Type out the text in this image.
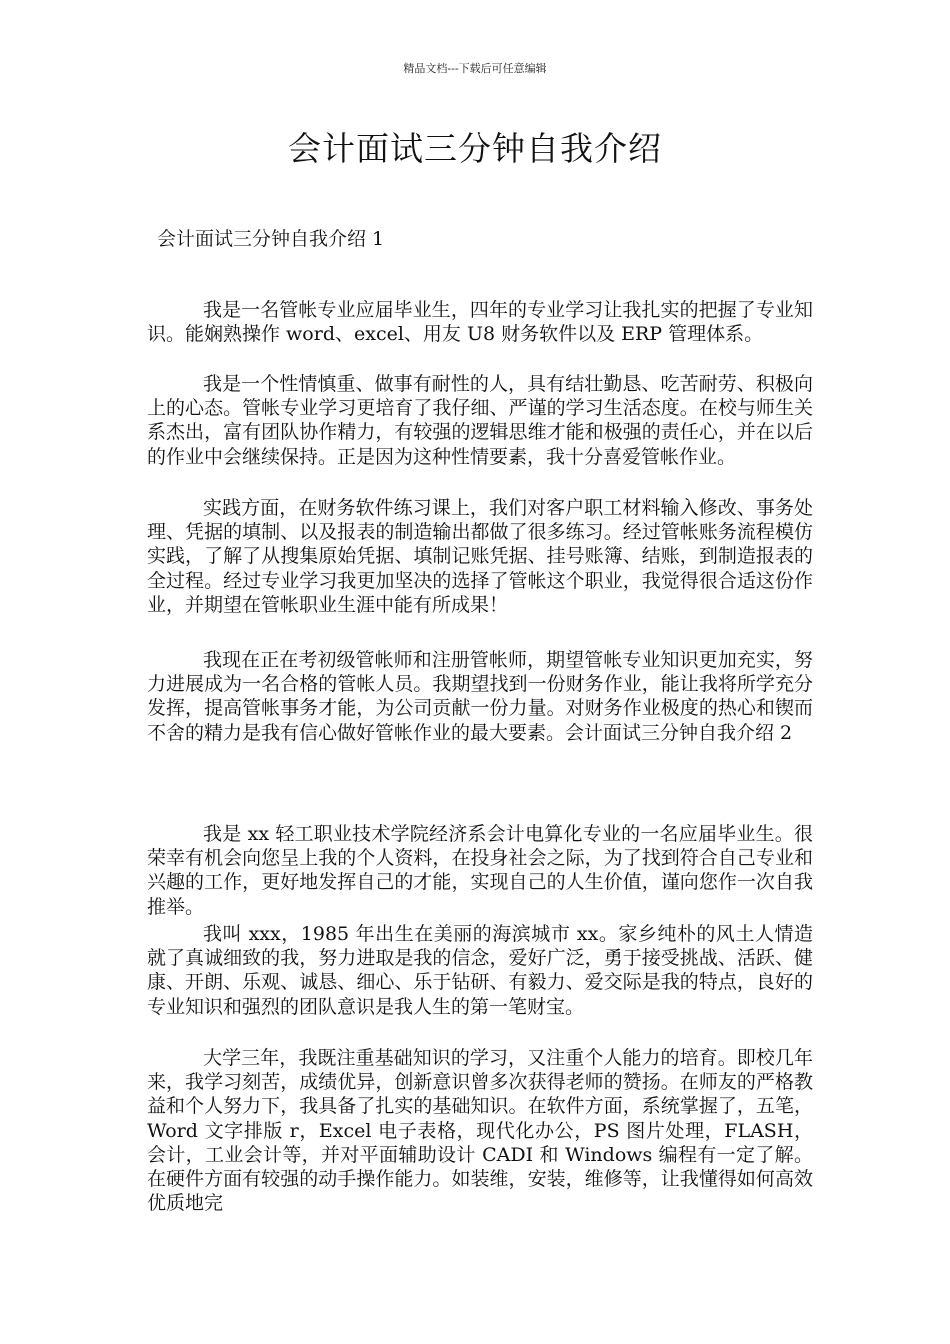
精品文档---下载后可任意编辑
会计面试三分钟自我介绍
会计面试三分钟自我介绍 1

我是一名管帐专业应届毕业生，四年的专业学习让我扎实的把握了专业知识。能娴熟操作 word、excel、用友 U8 财务软件以及 ERP 管理体系。

我是一个性情慎重、做事有耐性的人，具有结壮勤恳、吃苦耐劳、积极向上的心态。管帐专业学习更培育了我仔细、严谨的学习生活态度。在校与师生关系杰出，富有团队协作精力，有较强的逻辑思维才能和极强的责任心，并在以后的作业中会继续保持。正是因为这种性情要素，我十分喜爱管帐作业。

实践方面，在财务软件练习课上，我们对客户职工材料输入修改、事务处理、凭据的填制、以及报表的制造输出都做了很多练习。经过管帐账务流程模仿实践，了解了从搜集原始凭据、填制记账凭据、挂号账簿、结账，到制造报表的全过程。经过专业学习我更加坚决的选择了管帐这个职业，我觉得很合适这份作业，并期望在管帐职业生涯中能有所成果！

我现在正在考初级管帐师和注册管帐师，期望管帐专业知识更加充实，努力进展成为一名合格的管帐人员。我期望找到一份财务作业，能让我将所学充分发挥，提高管帐事务才能，为公司贡献一份力量。对财务作业极度的热心和锲而不舍的精力是我有信心做好管帐作业的最大要素。会计面试三分钟自我介绍 2

我是 xx 轻工职业技术学院经济系会计电算化专业的一名应届毕业生。很荣幸有机会向您呈上我的个人资料，在投身社会之际，为了找到符合自己专业和兴趣的工作，更好地发挥自己的才能，实现自己的人生价值，谨向您作一次自我推举。

我叫 xxx，1985 年出生在美丽的海滨城市 xx。家乡纯朴的风土人情造就了真诚细致的我，努力进取是我的信念，爱好广泛，勇于接受挑战、活跃、健康、开朗、乐观、诚恳、细心、乐于钻研、有毅力、爱交际是我的特点，良好的专业知识和强烈的团队意识是我人生的第一笔财宝。

大学三年，我既注重基础知识的学习，又注重个人能力的培育。即校几年来，我学习刻苦，成绩优异，创新意识曾多次获得老师的赞扬。在师友的严格教益和个人努力下，我具备了扎实的基础知识。在软件方面，系统掌握了，五笔，Word 文字排版 r，Excel 电子表格，现代化办公，PS 图片处理，FLASH，会计，工业会计等，并对平面辅助设计 CADI 和 Windows 编程有一定了解。在硬件方面有较强的动手操作能力。如装维，安装，维修等，让我懂得如何高效优质地完
